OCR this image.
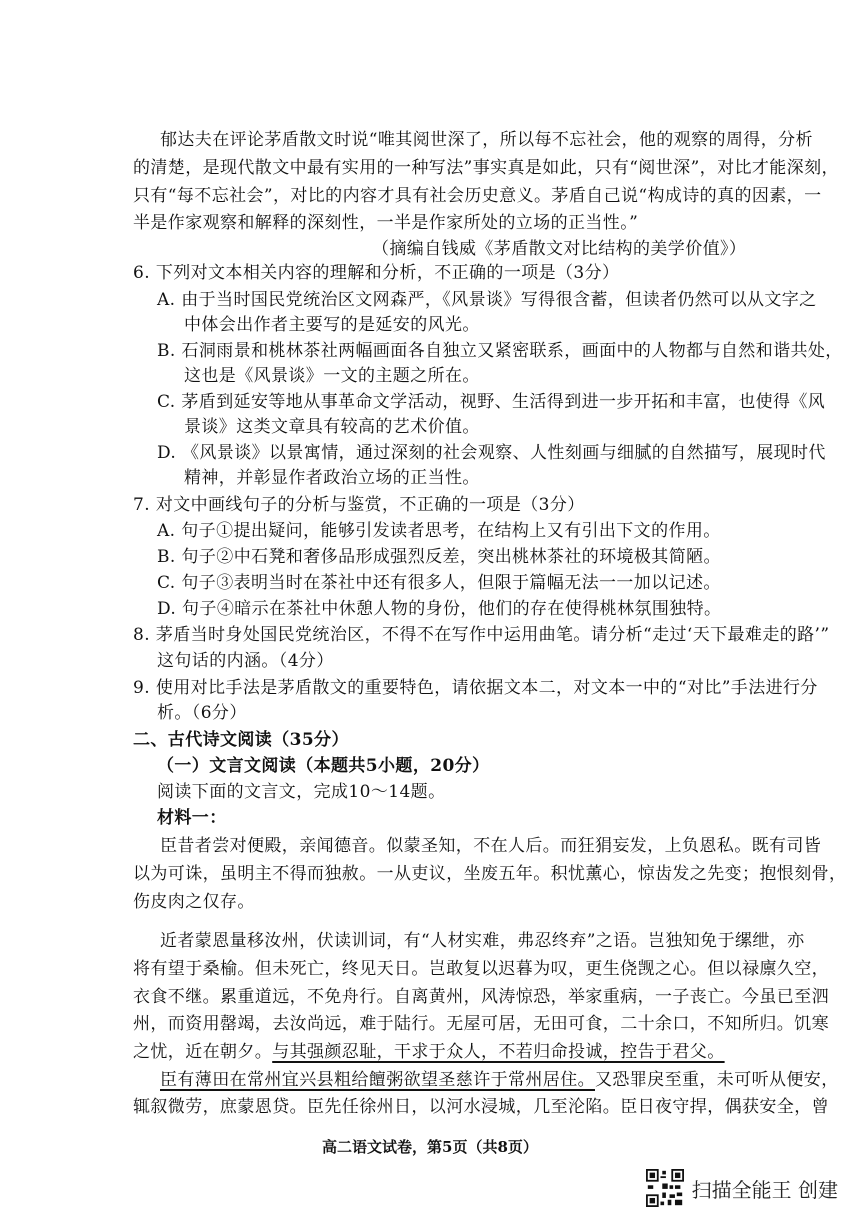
郁达夫在评论茅盾散文时说“唯其阅世深了，所以每不忘社会，他的观察的周得，分析
的清楚，是现代散文中最有实用的一种写法”事实真是如此，只有“阅世深”，对比才能深刻，
只有“每不忘社会”，对比的内容才具有社会历史意义。茅盾自己说“构成诗的真的因素，一
半是作家观察和解释的深刻性，一半是作家所处的立场的正当性。”
（摘编自钱威《茅盾散文对比结构的美学价值》）
6. 下列对文本相关内容的理解和分析，不正确的一项是（3分）
A. 由于当时国民党统治区文网森严，《风景谈》写得很含蓄，但读者仍然可以从文字之
中体会出作者主要写的是延安的风光。
B. 石洞雨景和桃林茶社两幅画面各自独立又紧密联系，画面中的人物都与自然和谐共处，
这也是《风景谈》一文的主题之所在。
C. 茅盾到延安等地从事革命文学活动，视野、生活得到进一步开拓和丰富，也使得《风
景谈》这类文章具有较高的艺术价值。
D. 《风景谈》以景寓情，通过深刻的社会观察、人性刻画与细腻的自然描写，展现时代
精神，并彰显作者政治立场的正当性。
7. 对文中画线句子的分析与鉴赏，不正确的一项是（3分）
A. 句子①提出疑问，能够引发读者思考，在结构上又有引出下文的作用。
B. 句子②中石凳和奢侈品形成强烈反差，突出桃林茶社的环境极其简陋。
C. 句子③表明当时在茶社中还有很多人，但限于篇幅无法一一加以记述。
D. 句子④暗示在茶社中休憩人物的身份，他们的存在使得桃林氛围独特。
8. 茅盾当时身处国民党统治区，不得不在写作中运用曲笔。请分析“走过‘天下最难走的路’”
这句话的内涵。（4分）
9. 使用对比手法是茅盾散文的重要特色，请依据文本二，对文本一中的“对比”手法进行分
析。（6分）
二、古代诗文阅读（35分）
（一）文言文阅读（本题共5小题，20分）
阅读下面的文言文，完成10～14题。
材料一：
臣昔者尝对便殿，亲闻德音。似蒙圣知，不在人后。而狂狷妄发，上负恩私。既有司皆
以为可诛，虽明主不得而独赦。一从吏议，坐废五年。积忧薰心，惊齿发之先变；抱恨刻骨，
伤皮肉之仅存。
近者蒙恩量移汝州，伏读训词，有“人材实难，弗忍终弃”之语。岂独知免于缧绁，亦
将有望于桑榆。但未死亡，终见天日。岂敢复以迟暮为叹，更生侥觊之心。但以禄廪久空，
衣食不继。累重道远，不免舟行。自离黄州，风涛惊恐，举家重病，一子丧亡。今虽已至泗
州，而资用罄竭，去汝尚远，难于陆行。无屋可居，无田可食，二十余口，不知所归。饥寒
之忧，近在朝夕。与其强颜忍耻，干求于众人，不若归命投诚，控告于君父。
臣有薄田在常州宜兴县粗给饘粥欲望圣慈许于常州居住。又恐罪戾至重，未可听从便安，
辄叙微劳，庶蒙恩贷。臣先任徐州日，以河水浸城，几至沦陷。臣日夜守捍，偶获安全，曾
高二语文试卷，第5页（共8页）
扫描全能王 创建
